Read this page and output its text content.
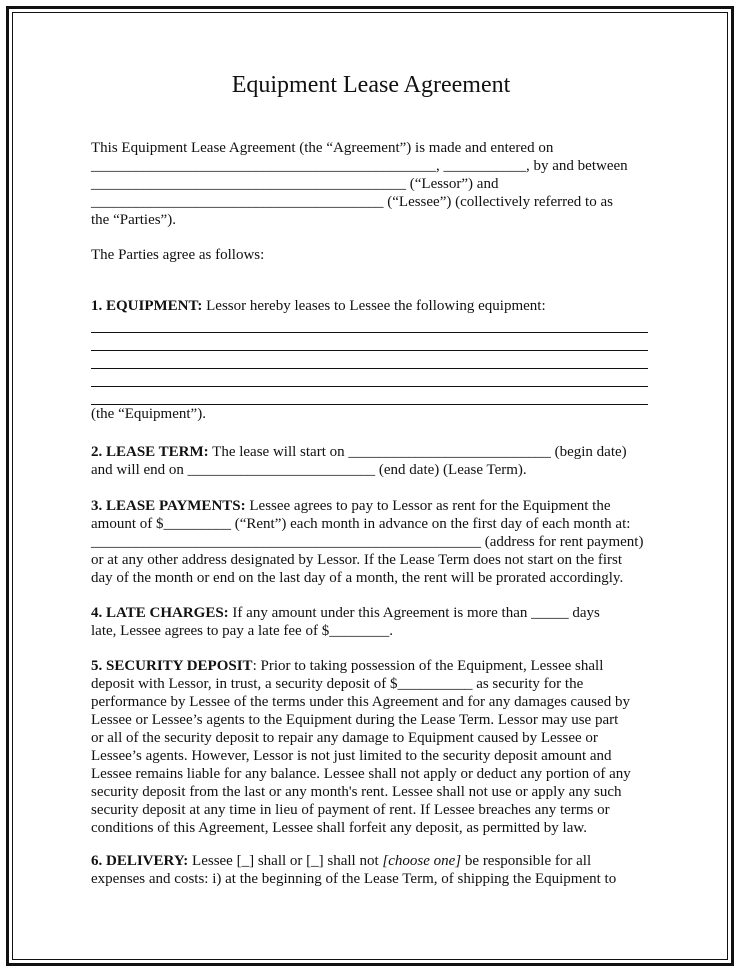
Equipment Lease Agreement

This Equipment Lease Agreement (the “Agreement”) is made and entered on

______________________________________________, ___________, by and between

__________________________________________ (“Lessor”) and

_______________________________________ (“Lessee”) (collectively referred to as

the “Parties”).

The Parties agree as follows:

1. EQUIPMENT: Lessor hereby leases to Lessee the following equipment:

(the “Equipment”).

2. LEASE TERM: The lease will start on ___________________________ (begin date)

and will end on _________________________ (end date) (Lease Term).

3. LEASE PAYMENTS: Lessee agrees to pay to Lessor as rent for the Equipment the

amount of $_________ (“Rent”) each month in advance on the first day of each month at:

____________________________________________________ (address for rent payment)

or at any other address designated by Lessor. If the Lease Term does not start on the first

day of the month or end on the last day of a month, the rent will be prorated accordingly.

4. LATE CHARGES: If any amount under this Agreement is more than _____ days

late, Lessee agrees to pay a late fee of $________.

5. SECURITY DEPOSIT: Prior to taking possession of the Equipment, Lessee shall

deposit with Lessor, in trust, a security deposit of $__________ as security for the

performance by Lessee of the terms under this Agreement and for any damages caused by

Lessee or Lessee’s agents to the Equipment during the Lease Term. Lessor may use part

or all of the security deposit to repair any damage to Equipment caused by Lessee or

Lessee’s agents. However, Lessor is not just limited to the security deposit amount and

Lessee remains liable for any balance. Lessee shall not apply or deduct any portion of any

security deposit from the last or any month's rent. Lessee shall not use or apply any such

security deposit at any time in lieu of payment of rent. If Lessee breaches any terms or

conditions of this Agreement, Lessee shall forfeit any deposit, as permitted by law.

6. DELIVERY: Lessee [_] shall or [_] shall not [choose one] be responsible for all

expenses and costs: i) at the beginning of the Lease Term, of shipping the Equipment to
